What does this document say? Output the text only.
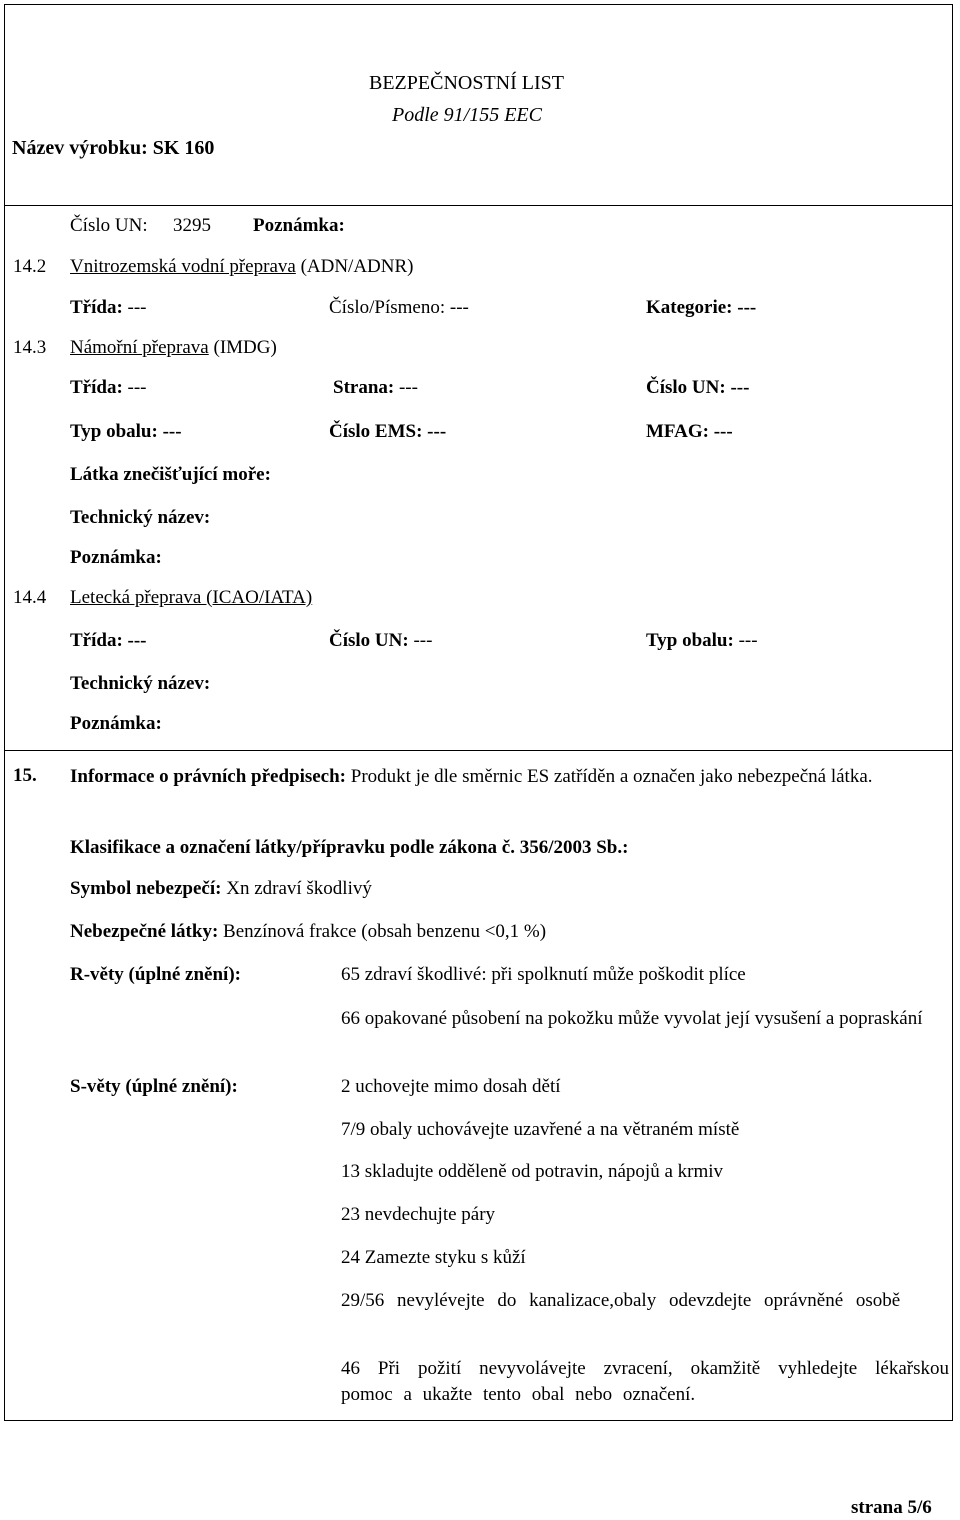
BEZPEČNOSTNÍ LIST
Podle 91/155 EEC
Název výrobku: SK 160
Číslo UN: 3295 Poznámka:
14.2 Vnitrozemská vodní přeprava (ADN/ADNR)
Třída: ---	Číslo/Písmeno: ---	Kategorie: ---
14.3 Námořní přeprava (IMDG)
Třída: ---	Strana: ---	Číslo UN: ---
Typ obalu: ---	Číslo EMS: ---	MFAG: ---
Látka znečišťující moře:
Technický název:
Poznámka:
14.4 Letecká přeprava (ICAO/IATA)
Třída: ---	Číslo UN: ---	Typ obalu: ---
Technický název:
Poznámka:
15. Informace o právních předpisech: Produkt je dle směrnic ES zatříděn a označen jako nebezpečná látka.
Klasifikace a označení látky/přípravku podle zákona č. 356/2003 Sb.:
Symbol nebezpečí: Xn zdraví škodlivý
Nebezpečné látky: Benzínová frakce (obsah benzenu <0,1 %)
R-věty (úplné znění):	65 zdraví škodlivé: při spolknutí může poškodit plíce
66 opakované působení na pokožku může vyvolat její vysušení a popraskání
S-věty (úplné znění):	2 uchovejte mimo dosah dětí
7/9 obaly uchovávejte uzavřené a na větraném místě
13 skladujte odděleně od potravin, nápojů a krmiv
23 nevdechujte páry
24 Zamezte styku s kůží
29/56 nevylévejte do kanalizace,obaly odevzdejte oprávněné osobě
46 Při požití nevyvolávejte zvracení, okamžitě vyhledejte lékařskou pomoc a ukažte tento obal nebo označení.
strana 5/6
